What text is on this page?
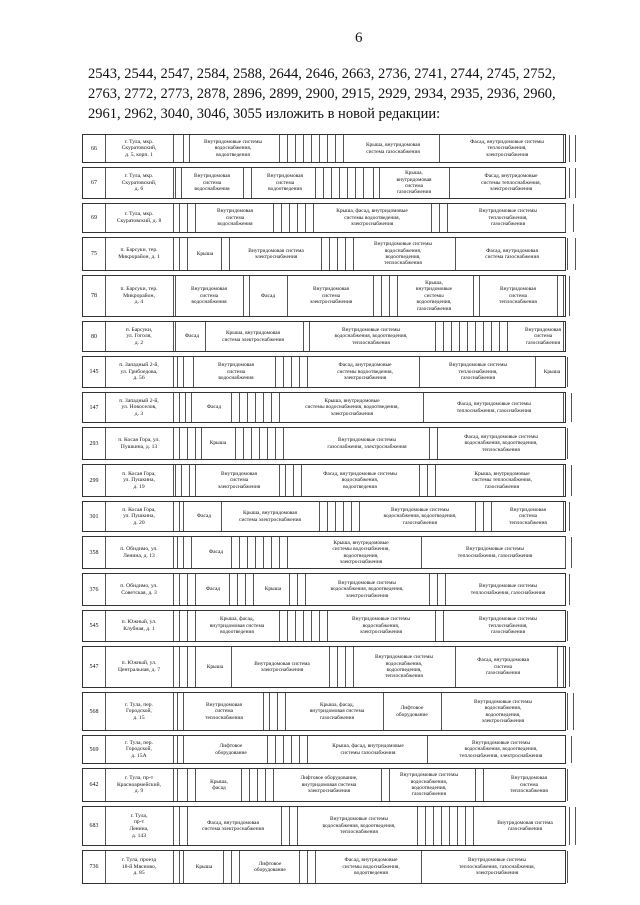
6
2543, 2544, 2547, 2584, 2588, 2644, 2646, 2663, 2736, 2741, 2744, 2745, 2752,
2763, 2772, 2773, 2878, 2896, 2899, 2900, 2915, 2929, 2934, 2935, 2936, 2960,
2961, 2962, 3040, 3046, 3055 изложить в новой редакции:
66
г. Тула, мкр.
Скуратовский,
д. 5, корп. 1
Внутридомовые системы
водоснабжения,
водоотведения
Крыша, внутридомовая
система газоснабжения
Фасад, внутридомовые системы
теплоснабжения,
электроснабжения
67
г. Тула, мкр.
Скуратовский,
д. 6
Внутридомовая
система
водоснабжения
Внутридомовая
система
водоотведения
Крыша,
внутридомовая
система
газоснабжения
Фасад, внутридомовые
системы теплоснабжения,
электроснабжения
69
г. Тула, мкр.
Скуратовский, д. 8
Внутридомовая
система
водоснабжения
Крыша, фасад, внутридомовые
системы водоотведения,
электроснабжения
Внутридомовые системы
теплоснабжения,
газоснабжения
75
п. Барсуки, тер.
Микрорайон, д. 1
Крыша
Внутридомовая система
электроснабжения
Внутридомовые системы
водоснабжения,
водоотведения,
теплоснабжения
Фасад, внутридомовая
система газоснабжения
78
п. Барсуки, тер.
Микрорайон,
д. 4
Внутридомовая
система
водоснабжения
Фасад
Внутридомовая
система
электроснабжения
Крыша,
внутридомовые
системы
водоотведения,
газоснабжения
Внутридомовая
система
теплоснабжения
80
п. Барсуки,
ул. Гоголя,
д. 2
Фасад
Крыша, внутридомовая
система электроснабжения
Внутридомовые системы
водоснабжения, водоотведения,
теплоснабжения
Внутридомовая
система
газоснабжения
145
п. Западный 2-й,
ул. Грибоедова,
д. 56
Внутридомовая
система
водоснабжения
Фасад, внутридомовые
системы водоотведения,
электроснабжения
Внутридомовые системы
теплоснабжения,
газоснабжения
Крыша
147
п. Западный 2-й,
ул. Новоселов,
д. 3
Фасад
Крыша, внутридомовые
системы водоснабжения, водоотведения,
электроснабжения
Фасад, внутридомовые системы
теплоснабжения, газоснабжения
293
п. Косая Гора, ул.
Пушкина, д. 13
Крыша
Внутридомовые системы
газоснабжения, электроснабжения
Фасад, внутридомовые системы
водоснабжения, водоотведения,
теплоснабжения
299
п. Косая Гора,
ул. Пушкина,
д. 19
Внутридомовая
система
электроснабжения
Фасад, внутридомовые системы
водоснабжения,
водоотведения
Крыша, внутридомовые
системы теплоснабжения,
газоснабжения
301
п. Косая Гора,
ул. Пушкина,
д. 20
Фасад
Крыша, внутридомовая
система электроснабжения
Внутридомовые системы
водоснабжения, водоотведения,
газоснабжения
Внутридомовая
система
теплоснабжения
358
п. Обидимо, ул.
Ленина, д. 13
Фасад
Крыша, внутридомовые
системы водоснабжения,
водоотведения,
электроснабжения
Внутридомовые системы
теплоснабжения, газоснабжения
376
п. Обидимо, ул.
Советская, д. 3
Фасад	Крыша
Внутридомовые системы
водоснабжения, водоотведения,
электроснабжения
Внутридомовые системы
теплоснабжения, газоснабжения
545
п. Южный, ул.
Клубная, д. 1
Крыша, фасад,
внутридомовая система
водоотведения
Внутридомовые системы
водоснабжения,
электроснабжения
Внутридомовые системы
теплоснабжения,
газоснабжения
547
п. Южный, ул.
Центральная, д. 7
Крыша
Внутридомовая система
электроснабжения
Внутридомовые системы
водоснабжения,
водоотведения,
теплоснабжения
Фасад, внутридомовая
система
газоснабжения
568
г. Тула, пер.
Городской,
д. 15
Внутридомовая
система
теплоснабжения
Крыша, фасад,
внутридомовая система
газоснабжения
Лифтовое
оборудование
Внутридомовые системы
водоснабжения,
водоотведения,
электроснабжения
569
г. Тула, пер.
Городской,
д. 15А
Лифтовое
оборудование
Крыша, фасад, внутридомовые
системы газоснабжения
Внутридомовые системы
водоснабжения, водоотведения,
теплоснабжения, электроснабжения
642
г. Тула, пр-т
Красноармейский,
д. 9
Крыша,
фасад
Лифтовое оборудование,
внутридомовая система
электроснабжения
Внутридомовые системы
водоснабжения,
водоотведения,
газоснабжения
Внутридомовая
система
теплоснабжения
683
г. Тула,
пр-т
Ленина,
д. 143
Фасад, внутридомовая
система электроснабжения
Внутридомовые системы
водоснабжения, водоотведения,
теплоснабжения
Внутридомовая система
газоснабжения
736
г. Тула, проезд
18-й Мясново,
д. 85
Крыша
Лифтовое
оборудование
Фасад, внутридомовые
системы водоснабжения,
водоотведения
Внутридомовые системы
теплоснабжения, газоснабжения,
электроснабжения
